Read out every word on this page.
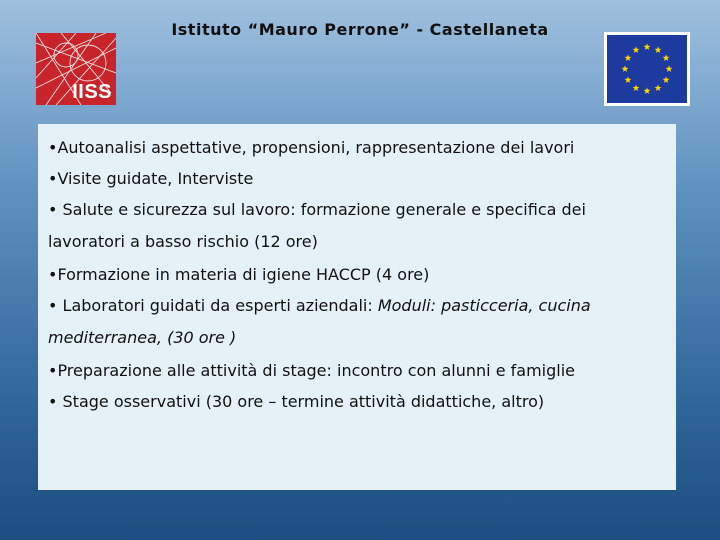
Istituto “Mauro Perrone” - Castellaneta
IISS

•Autoanalisi aspettative, propensioni, rappresentazione dei lavori

•Visite guidate, Interviste

• Salute e sicurezza sul lavoro: formazione generale e specifica dei lavoratori a basso rischio (12 ore)

•Formazione in materia di igiene HACCP (4 ore)

• Laboratori guidati da esperti aziendali: Moduli: pasticceria, cucina mediterranea, (30 ore )

•Preparazione alle attività di stage: incontro con alunni e famiglie

• Stage osservativi (30 ore – termine attività didattiche, altro)
